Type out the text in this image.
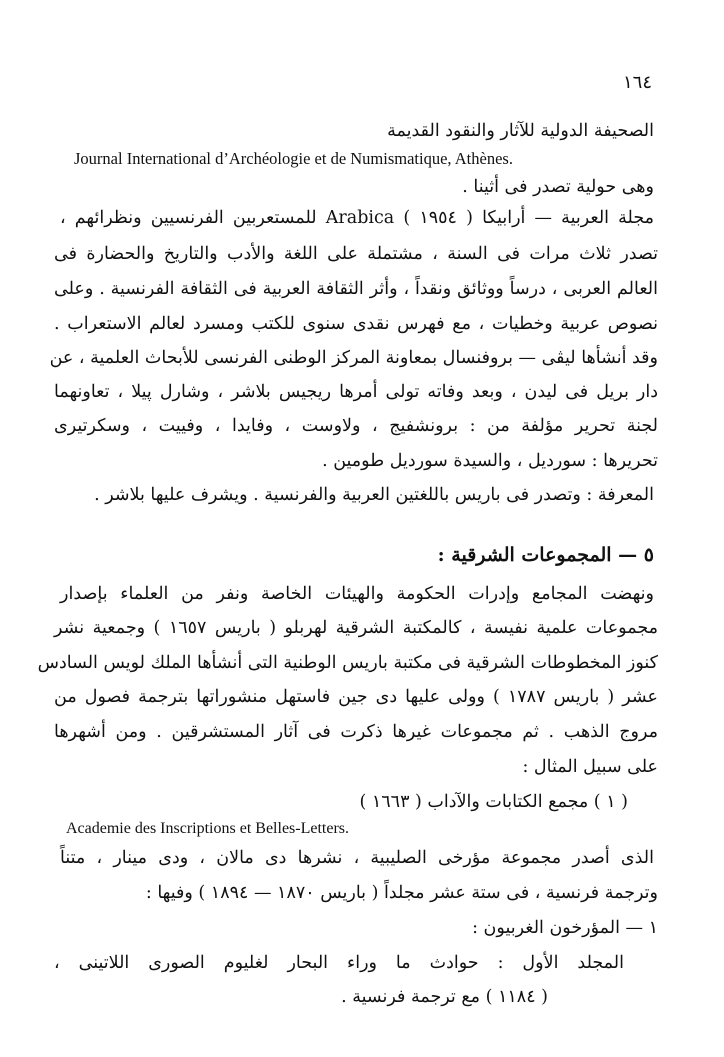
١٦٤
الصحيفة الدولية للآثار والنقود القديمة
Journal International d’Archéologie et de Numismatique, Athènes.
وهى حولية تصدر فى أثينا .
مجلة العربية — أرابيكا ( ١٩٥٤ ) Arabica للمستعربين الفرنسيين ونظرائهم ،
تصدر ثلاث مرات فى السنة ، مشتملة على اللغة والأدب والتاريخ والحضارة فى
العالم العربى ، درساً ووثائق ونقداً ، وأثر الثقافة العربية فى الثقافة الفرنسية . وعلى
نصوص عربية وخطيات ، مع فهرس نقدى سنوى للكتب ومسرد لعالم الاستعراب .
وقد أنشأها ليڤى — بروفنسال بمعاونة المركز الوطنى الفرنسى للأبحاث العلمية ، عن
دار بريل فى ليدن ، وبعد وفاته تولى أمرها ريجيس بلاشر ، وشارل پيلا ، تعاونهما
لجنة تحرير مؤلفة من : برونشفيج ، ولاوست ، وفايدا ، وفييت ، وسكرتيرى
تحريرها : سورديل ، والسيدة سورديل طومين .
المعرفة : وتصدر فى باريس باللغتين العربية والفرنسية . ويشرف عليها بلاشر .
٥ — المجموعات الشرقية :
ونهضت المجامع وإدرات الحكومة والهيئات الخاصة ونفر من العلماء بإصدار
مجموعات علمية نفيسة ، كالمكتبة الشرقية لهربلو ( باريس ١٦٥٧ ) وجمعية نشر
كنوز المخطوطات الشرقية فى مكتبة باريس الوطنية التى أنشأها الملك لويس السادس
عشر ( باريس ١٧٨٧ ) وولى عليها دى جين فاستهل منشوراتها بترجمة فصول من
مروج الذهب . ثم مجموعات غيرها ذكرت فى آثار المستشرقين . ومن أشهرها
على سبيل المثال :
( ١ ) مجمع الكتابات والآداب ( ١٦٦٣ )
Academie des Inscriptions et Belles-Letters.
الذى أصدر مجموعة مؤرخى الصليبية ، نشرها دى مالان ، ودى مينار ، متناً
وترجمة فرنسية ، فى ستة عشر مجلداً ( باريس ١٨٧٠ — ١٨٩٤ ) وفيها :
١ — المؤرخون الغربيون :
المجلد الأول : حوادث ما وراء البحار لغليوم الصورى اللاتينى ،
( ١١٨٤ ) مع ترجمة فرنسية .
